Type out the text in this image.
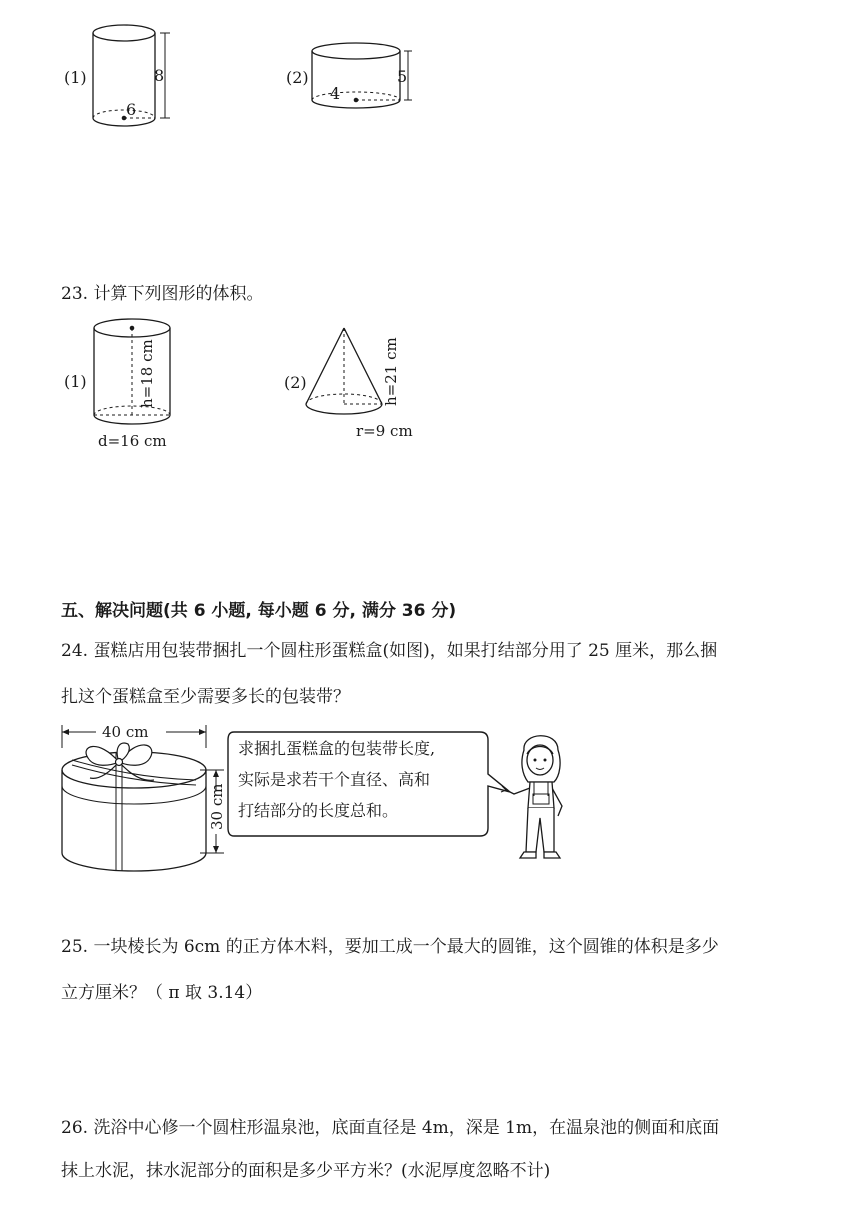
(1)
6
8	(2)
4
5
23. 计算下列图形的体积。
(1)	h=18 cm
d=16 cm
(2)	h=21 cm
r=9 cm
五、解决问题(共 6 小题, 每小题 6 分, 满分 36 分)
24. 蛋糕店用包装带捆扎一个圆柱形蛋糕盒(如图)，如果打结部分用了 25 厘米，那么捆
扎这个蛋糕盒至少需要多长的包装带？
40 cm
30 cm
求捆扎蛋糕盒的包装带长度,
实际是求若干个直径、高和
打结部分的长度总和。
25. 一块棱长为 6cm 的正方体木料，要加工成一个最大的圆锥，这个圆锥的体积是多少
立方厘米？（ π 取 3.14）
26. 洗浴中心修一个圆柱形温泉池，底面直径是 4m，深是 1m，在温泉池的侧面和底面
抹上水泥，抹水泥部分的面积是多少平方米？(水泥厚度忽略不计)
